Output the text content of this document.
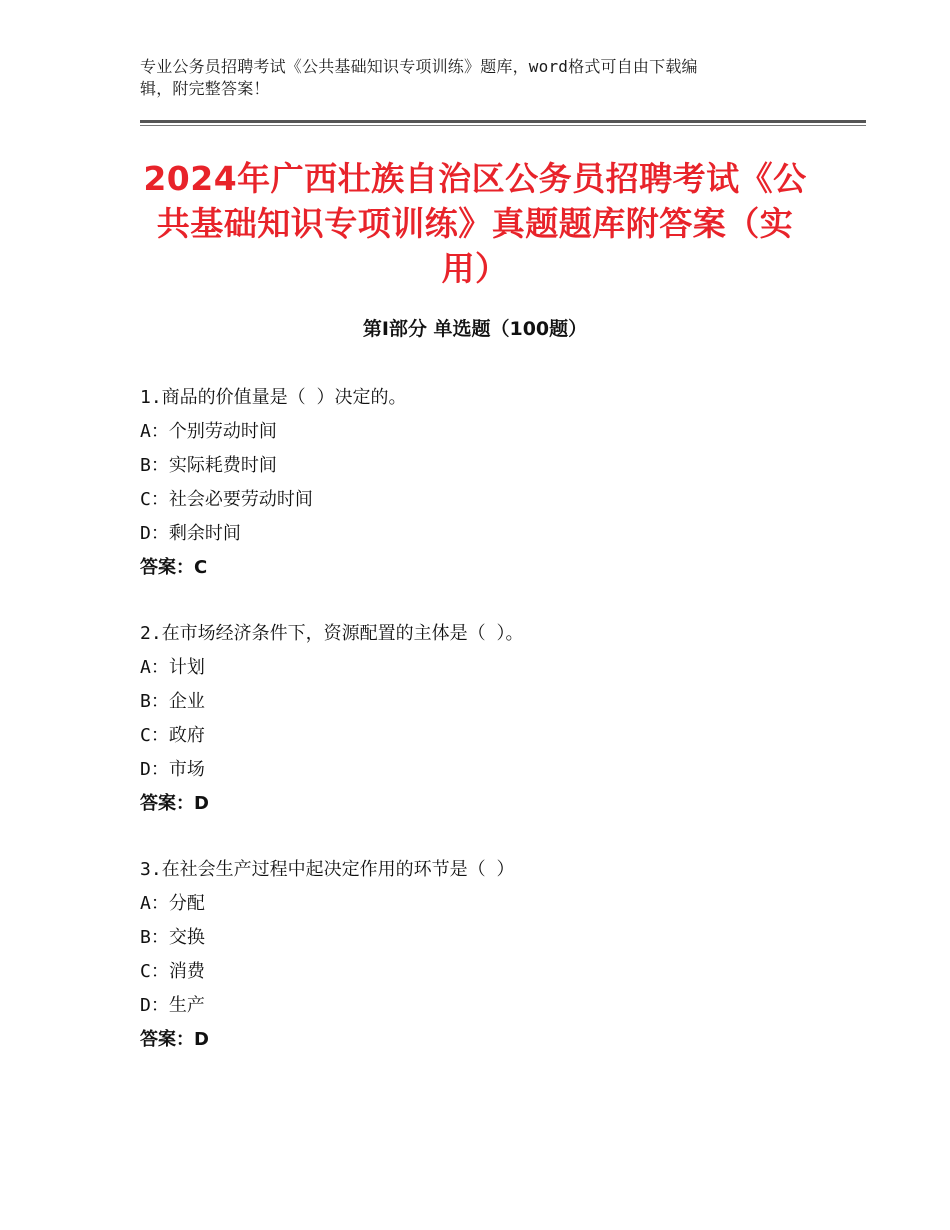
专业公务员招聘考试《公共基础知识专项训练》题库，word格式可自由下载编
辑，附完整答案！
2024年广西壮族自治区公务员招聘考试《公
共基础知识专项训练》真题题库附答案（实
用）
第Ⅰ部分 单选题（100题）
1.商品的价值量是（ ）决定的。
A：个别劳动时间
B：实际耗费时间
C：社会必要劳动时间
D：剩余时间
答案：C
2.在市场经济条件下，资源配置的主体是（ ）。
A：计划
B：企业
C：政府
D：市场
答案：D
3.在社会生产过程中起决定作用的环节是（ ）
A：分配
B：交换
C：消费
D：生产
答案：D
